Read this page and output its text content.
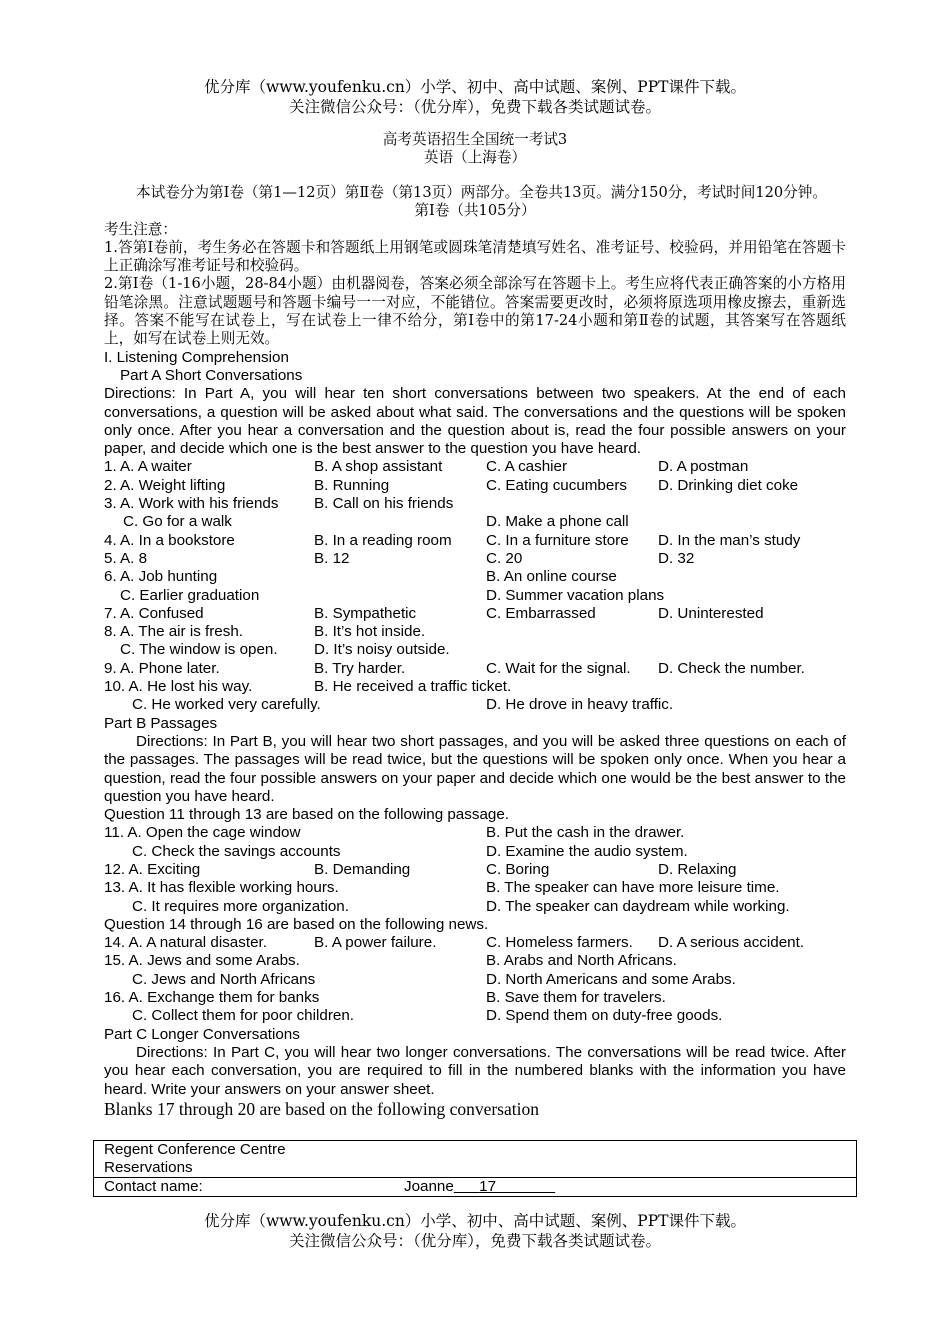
优分库（www.youfenku.cn）小学、初中、高中试题、案例、PPT课件下载。
关注微信公众号：（优分库），免费下载各类试题试卷。
高考英语招生全国统一考试3
英语（上海卷）

本试卷分为第Ⅰ卷（第1—12页）第Ⅱ卷（第13页）两部分。全卷共13页。满分150分，考试时间120分钟。

第Ⅰ卷（共105分）

考生注意：

1.答第Ⅰ卷前，考生务必在答题卡和答题纸上用钢笔或圆珠笔清楚填写姓名、准考证号、校验码，并用铅笔在答题卡上正确涂写准考证号和校验码。

2.第Ⅰ卷（1-16小题，28-84小题）由机器阅卷，答案必须全部涂写在答题卡上。考生应将代表正确答案的小方格用铅笔涂黑。注意试题题号和答题卡编号一一对应，不能错位。答案需要更改时，必须将原选项用橡皮擦去，重新选择。答案不能写在试卷上，写在试卷上一律不给分，第Ⅰ卷中的第17-24小题和第Ⅱ卷的试题，其答案写在答题纸上，如写在试卷上则无效。

I. Listening Comprehension

Part A Short Conversations

Directions: In Part A, you will hear ten short conversations between two speakers. At the end of each conversations, a question will be asked about what said. The conversations and the questions will be spoken only once. After you hear a conversation and the question about is, read the four possible answers on your paper, and decide which one is the best answer to the question you have heard.

1. A. A waiter	B. A shop assistant	C. A cashier	D. A postman
2. A. Weight lifting	B. Running	C. Eating cucumbers	D. Drinking diet coke
3. A. Work with his friends	B. Call on his friends
C. Go for a walk	D. Make a phone call
4. A. In a bookstore	B. In a reading room	C. In a furniture store	D. In the man’s study
5. A. 8	B. 12	C. 20	D. 32
6. A. Job hunting	B. An online course
C. Earlier graduation	D. Summer vacation plans
7. A. Confused	B. Sympathetic	C. Embarrassed	D. Uninterested
8. A. The air is fresh.	B. It’s hot inside.
C. The window is open.	D. It’s noisy outside.
9. A. Phone later.	B. Try harder.	C. Wait for the signal.	D. Check the number.
10. A. He lost his way.	B. He received a traffic ticket.
C. He worked very carefully.	D. He drove in heavy traffic.

Part B Passages

Directions: In Part B, you will hear two short passages, and you will be asked three questions on each of the passages. The passages will be read twice, but the questions will be spoken only once. When you hear a question, read the four possible answers on your paper and decide which one would be the best answer to the question you have heard.

Question 11 through 13 are based on the following passage.

11. A. Open the cage window	B. Put the cash in the drawer.
C. Check the savings accounts	D. Examine the audio system.
12. A. Exciting	B. Demanding	C. Boring	D. Relaxing
13. A. It has flexible working hours.	B. The speaker can have more leisure time.
C. It requires more organization.	D. The speaker can daydream while working.

Question 14 through 16 are based on the following news.

14. A. A natural disaster.	B. A power failure.	C. Homeless farmers.	D. A serious accident.
15. A. Jews and some Arabs.	B. Arabs and North Africans.
C. Jews and North Africans	D. North Americans and some Arabs.
16. A. Exchange them for banks	B. Save them for travelers.
C. Collect them for poor children.	D. Spend them on duty-free goods.

Part C Longer Conversations

Directions: In Part C, you will hear two longer conversations. The conversations will be read twice. After you hear each conversation, you are required to fill in the numbered blanks with the information you have heard. Write your answers on your answer sheet.

Blanks 17 through 20 are based on the following conversation

Regent Conference Centre
Reservations

Contact name:	Joanne 17
优分库（www.youfenku.cn）小学、初中、高中试题、案例、PPT课件下载。
关注微信公众号：（优分库），免费下载各类试题试卷。
